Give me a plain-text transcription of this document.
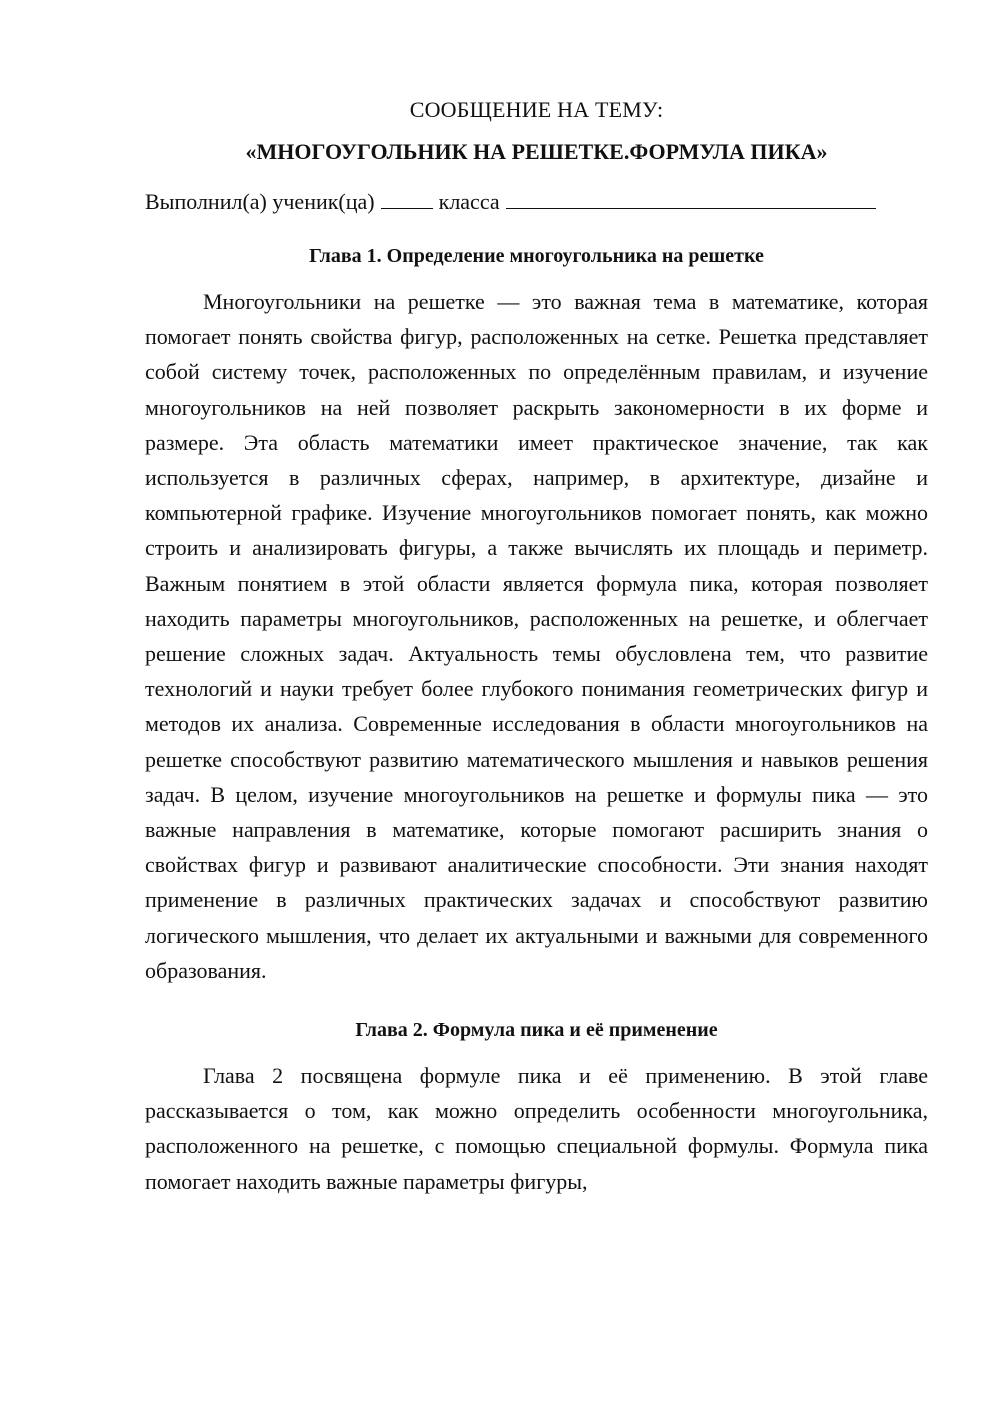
СООБЩЕНИЕ НА ТЕМУ:
«МНОГОУГОЛЬНИК НА РЕШЕТКЕ.ФОРМУЛА ПИКА»

Выполнил(а) ученик(ца)	класса

Глава 1. Определение многоугольника на решетке

Многоугольники на решетке — это важная тема в математике, которая помогает понять свойства фигур, расположенных на сетке. Решетка представляет собой систему точек, расположенных по определённым правилам, и изучение многоугольников на ней позволяет раскрыть закономерности в их форме и размере. Эта область математики имеет практическое значение, так как используется в различных сферах, например, в архитектуре, дизайне и компьютерной графике. Изучение многоугольников помогает понять, как можно строить и анализировать фигуры, а также вычислять их площадь и периметр. Важным понятием в этой области является формула пика, которая позволяет находить параметры многоугольников, расположенных на решетке, и облегчает решение сложных задач. Актуальность темы обусловлена тем, что развитие технологий и науки требует более глубокого понимания геометрических фигур и методов их анализа. Современные исследования в области многоугольников на решетке способствуют развитию математического мышления и навыков решения задач. В целом, изучение многоугольников на решетке и формулы пика — это важные направления в математике, которые помогают расширить знания о свойствах фигур и развивают аналитические способности. Эти знания находят применение в различных практических задачах и способствуют развитию логического мышления, что делает их актуальными и важными для современного образования.

Глава 2. Формула пика и её применение

Глава 2 посвящена формуле пика и её применению. В этой главе рассказывается о том, как можно определить особенности многоугольника, расположенного на решетке, с помощью специальной формулы. Формула пика помогает находить важные параметры фигуры,
